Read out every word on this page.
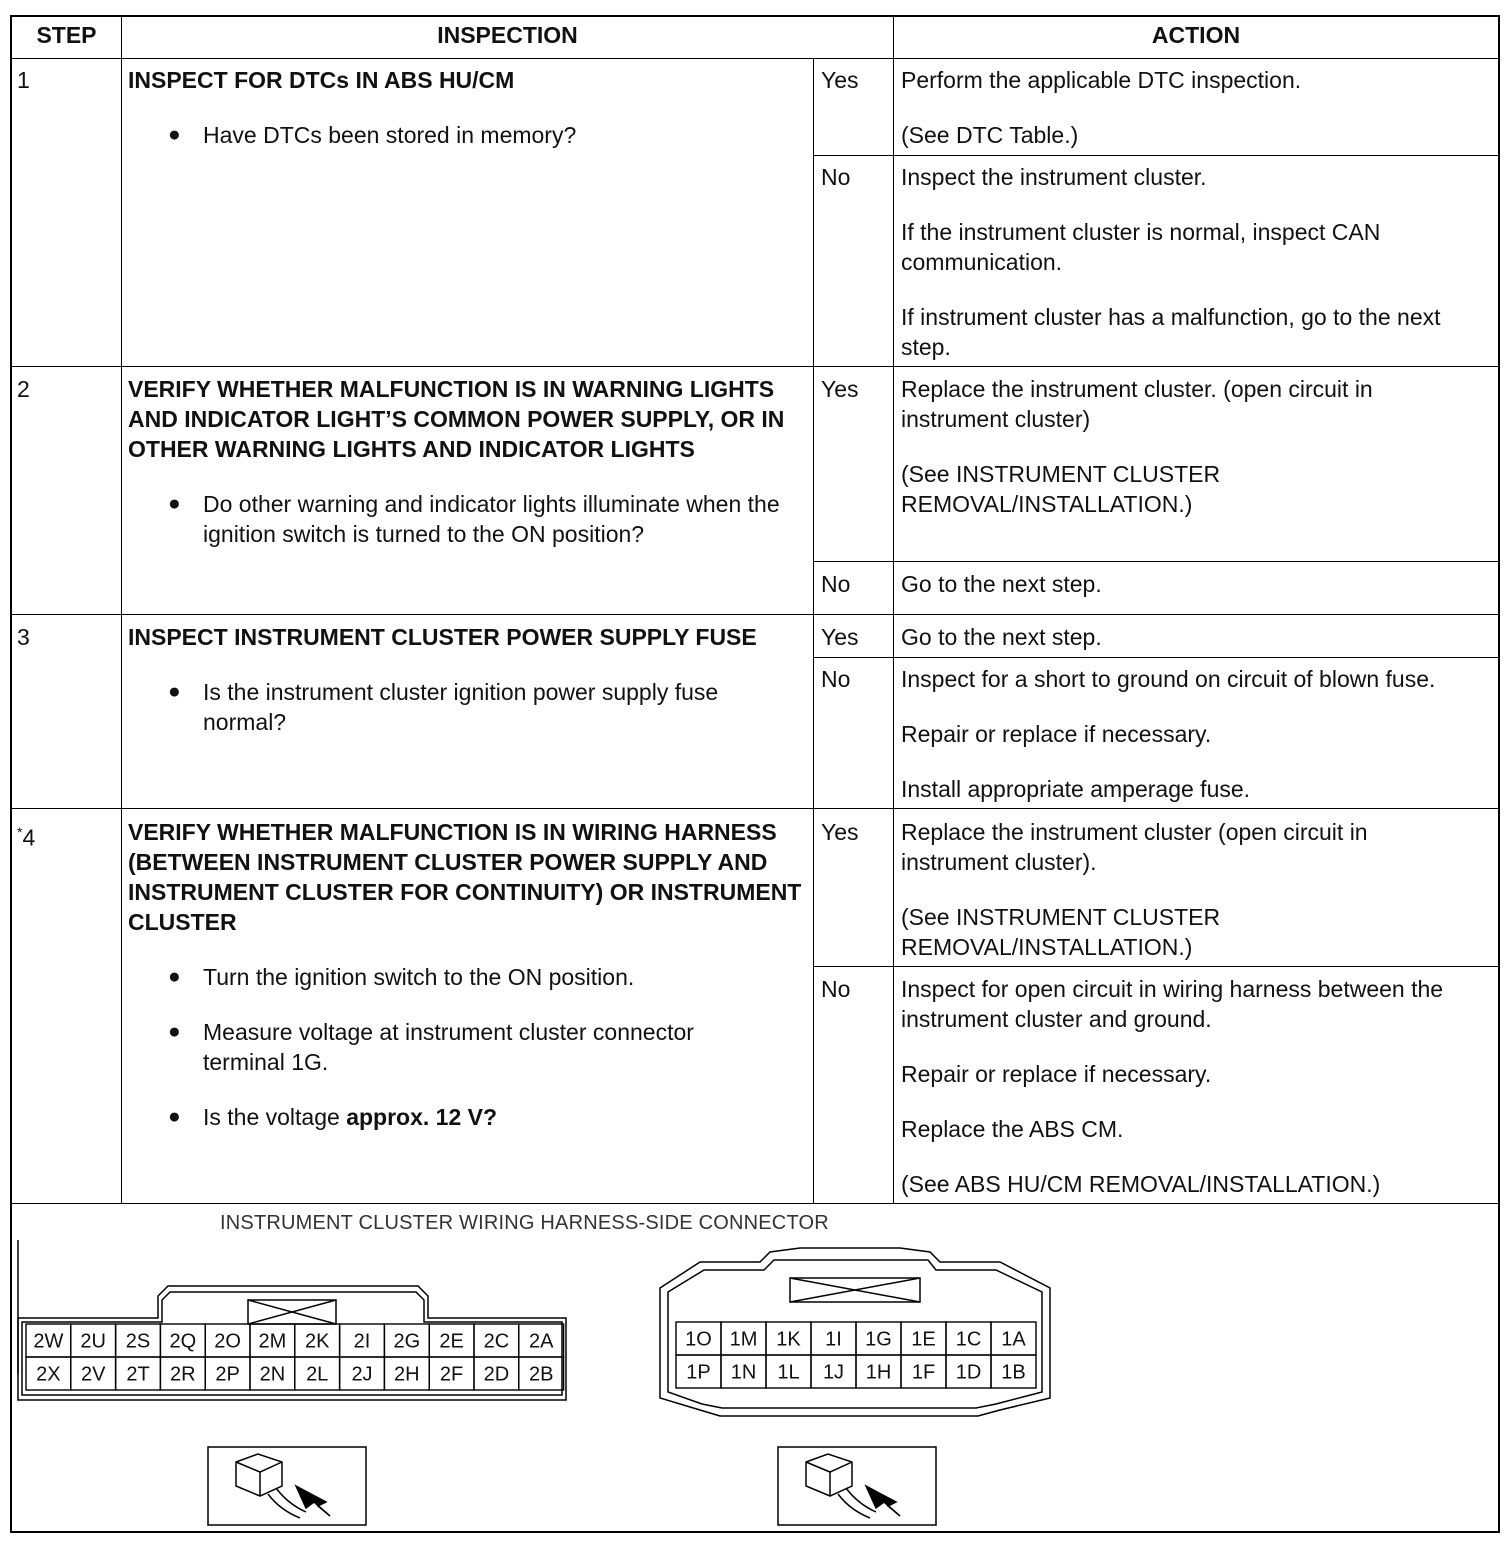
STEP	INSPECTION	ACTION
1	INSPECT FOR DTCs IN ABS HU/CM
● Have DTCs been stored in memory?
Yes Perform the applicable DTC inspection.

(See DTC Table.)

No Inspect the instrument cluster.

If the instrument cluster is normal, inspect CAN communication.

If instrument cluster has a malfunction, go to the next step.

2	VERIFY WHETHER MALFUNCTION IS IN WARNING LIGHTS AND INDICATOR LIGHT’S COMMON POWER SUPPLY, OR IN OTHER WARNING LIGHTS AND INDICATOR LIGHTS
● Do other warning and indicator lights illuminate when the ignition switch is turned to the ON position?
Yes Replace the instrument cluster. (open circuit in instrument cluster)

(See INSTRUMENT CLUSTER REMOVAL/INSTALLATION.)

No Go to the next step.

3	INSPECT INSTRUMENT CLUSTER POWER SUPPLY FUSE
● Is the instrument cluster ignition power supply fuse normal?
Yes Go to the next step.

No Inspect for a short to ground on circuit of blown fuse.

Repair or replace if necessary.

Install appropriate amperage fuse.

*4	VERIFY WHETHER MALFUNCTION IS IN WIRING HARNESS (BETWEEN INSTRUMENT CLUSTER POWER SUPPLY AND INSTRUMENT CLUSTER FOR CONTINUITY) OR INSTRUMENT CLUSTER
● Turn the ignition switch to the ON position.
● Measure voltage at instrument cluster connector terminal 1G.
● Is the voltage approx. 12 V?
Yes Replace the instrument cluster (open circuit in instrument cluster).

(See INSTRUMENT CLUSTER REMOVAL/INSTALLATION.)

No Inspect for open circuit in wiring harness between the instrument cluster and ground.

Repair or replace if necessary.

Replace the ABS CM.

(See ABS HU/CM REMOVAL/INSTALLATION.)

INSTRUMENT CLUSTER WIRING HARNESS-SIDE CONNECTOR
2W 2U 2S 2Q 2O 2M 2K 2I 2G 2E 2C 2A
2X 2V 2T 2R 2P 2N 2L 2J 2H 2F 2D 2B
1O 1M 1K 1I 1G 1E 1C 1A
1P 1N 1L 1J 1H 1F 1D 1B
